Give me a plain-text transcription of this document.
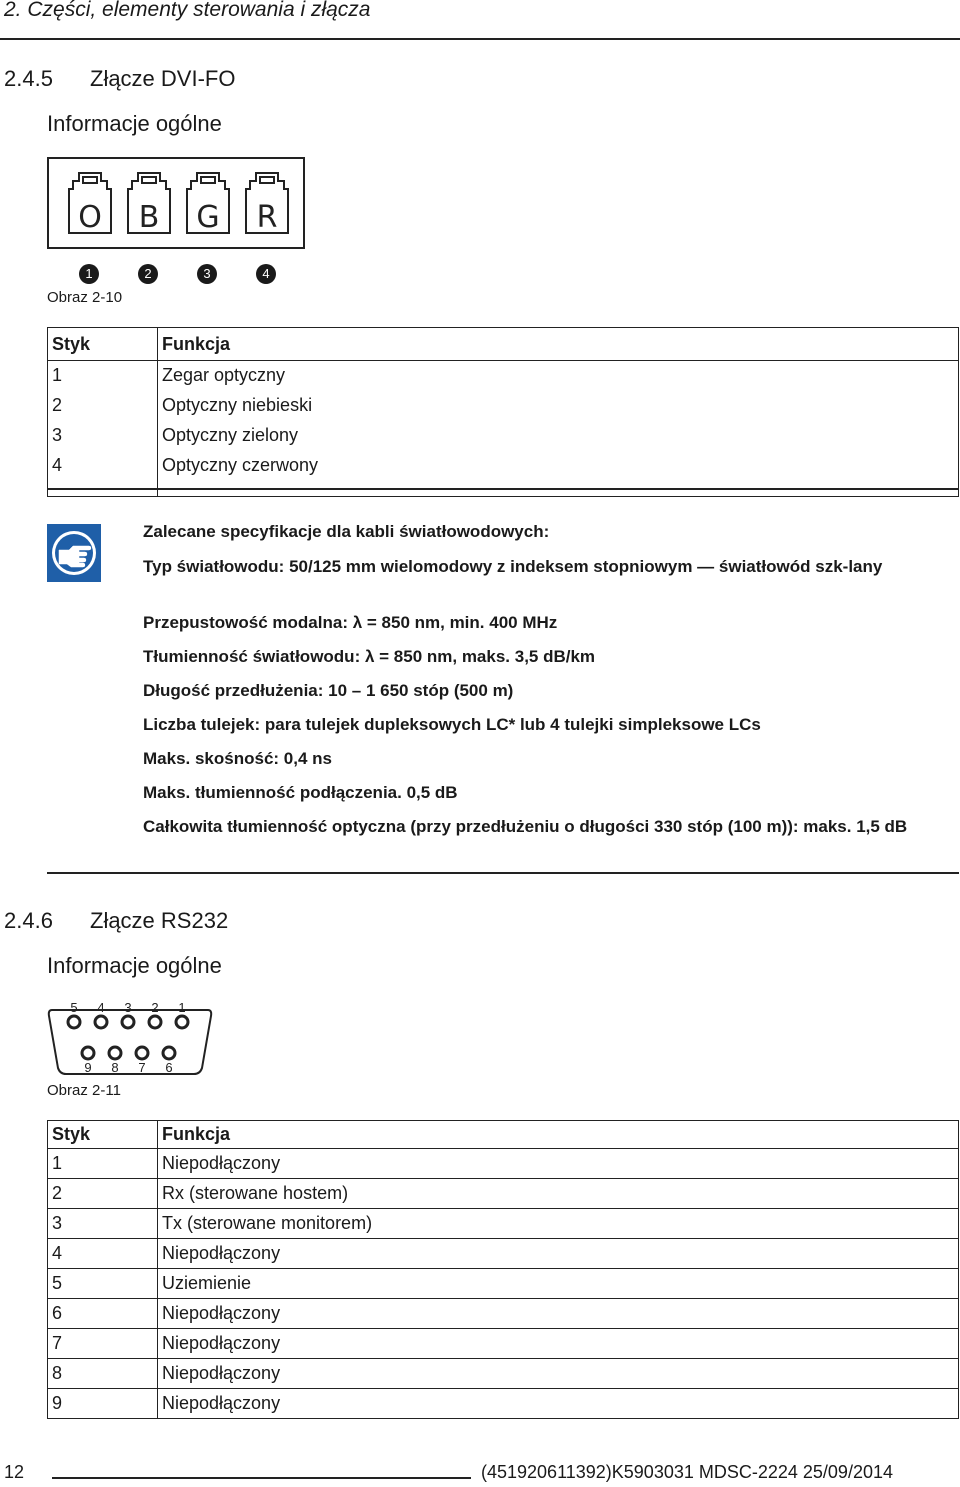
2. Części, elementy sterowania i złącza
2.4.5 Złącze DVI-FO
Informacje ogólne
O B G R
1	2	3	4
Obraz 2-10
Styk	Funkcja
1	Zegar optyczny
2	Optyczny niebieski
3	Optyczny zielony
4	Optyczny czerwony
Zalecane specyfikacje dla kabli światłowodowych:
Typ światłowodu: 50/125 mm wielomodowy z indeksem stopniowym — światłowód szk-lany
Przepustowość modalna: λ = 850 nm, min. 400 MHz
Tłumienność światłowodu: λ = 850 nm, maks. 3,5 dB/km
Długość przedłużenia: 10 – 1 650 stóp (500 m)
Liczba tulejek: para tulejek dupleksowych LC* lub 4 tulejki simpleksowe LCs
Maks. skośność: 0,4 ns
Maks. tłumienność podłączenia. 0,5 dB
Całkowita tłumienność optyczna (przy przedłużeniu o długości 330 stóp (100 m)): maks. 1,5 dB
2.4.6 Złącze RS232
Informacje ogólne
5 4 3 2 1
9 8 7 6
Obraz 2-11
Styk	Funkcja
1	Niepodłączony
2	Rx (sterowane hostem)
3	Tx (sterowane monitorem)
4	Niepodłączony
5	Uziemienie
6	Niepodłączony
7	Niepodłączony
8	Niepodłączony
9	Niepodłączony
12	(451920611392)K5903031 MDSC-2224 25/09/2014
